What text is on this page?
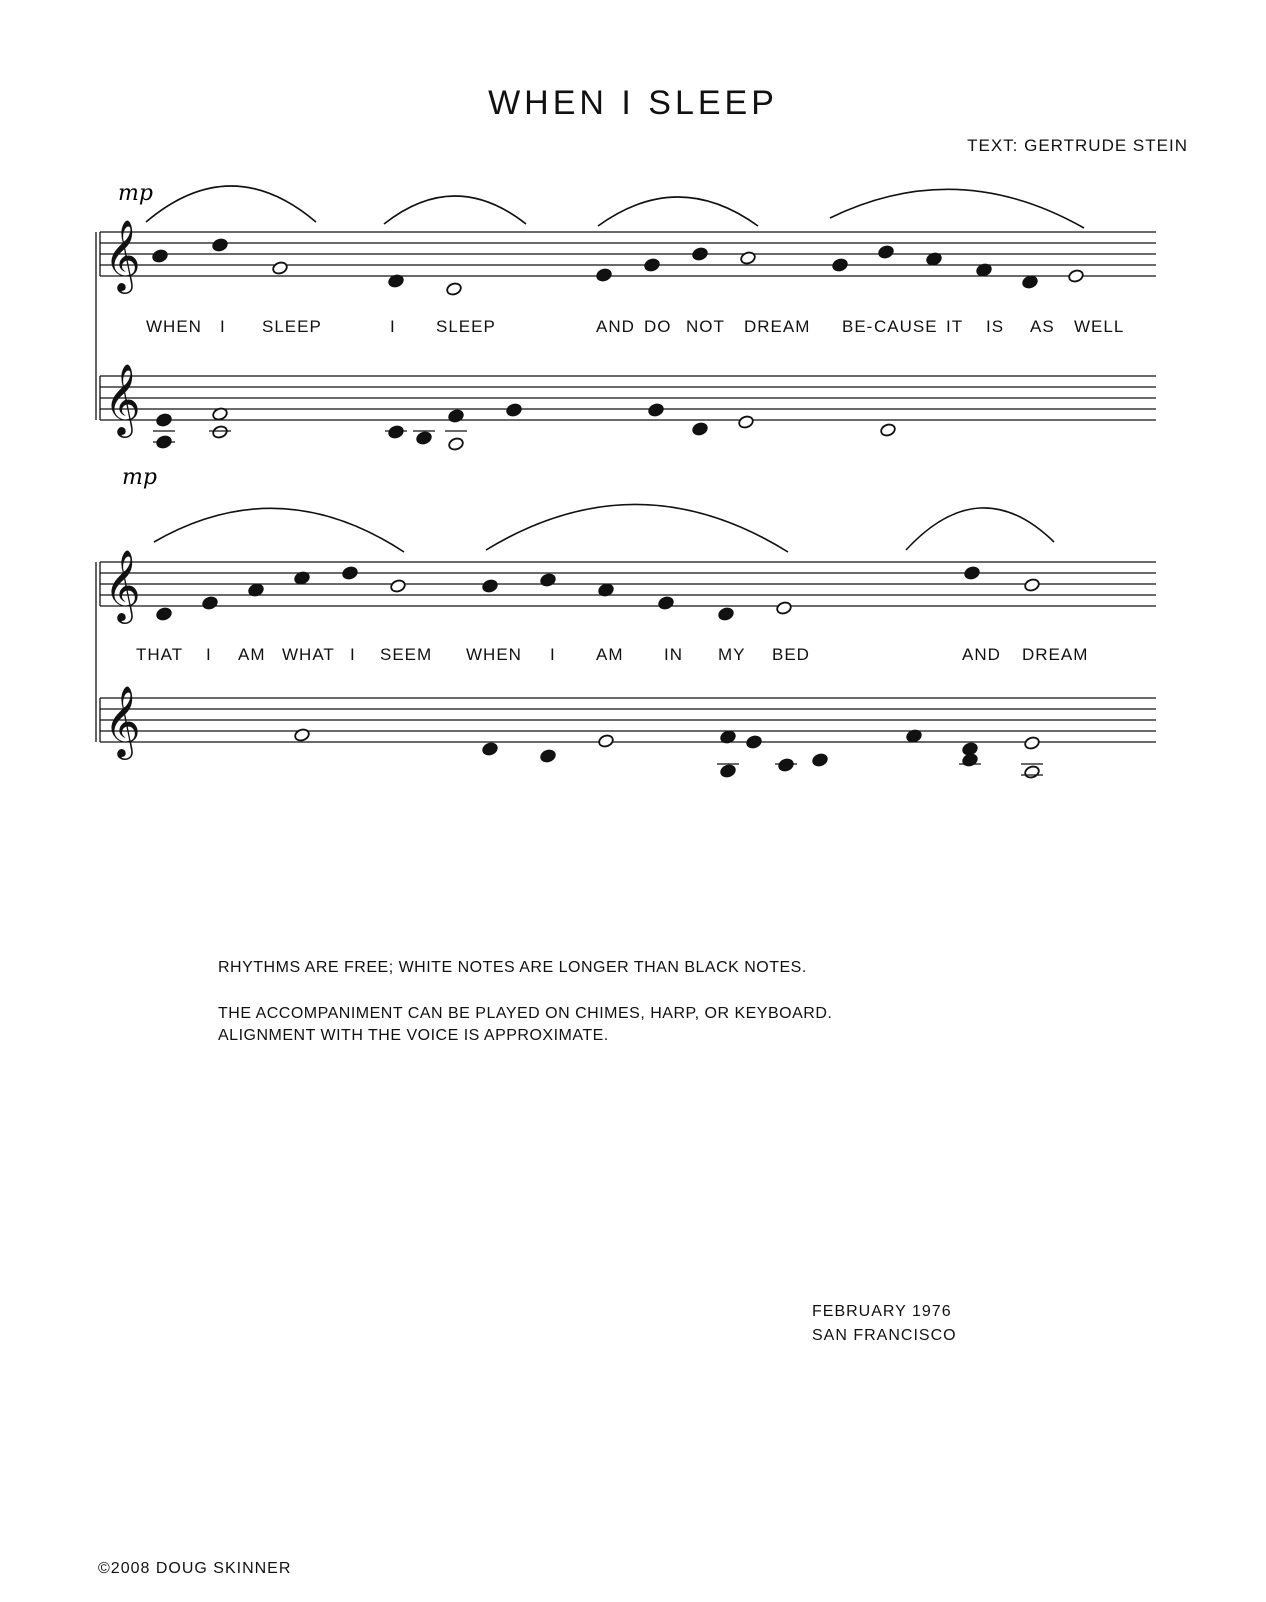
WHEN I SLEEP
TEXT: GERTRUDE STEIN
𝄞
𝄞
𝄞
𝄞
mp
mp
WHEN I SLEEP	I SLEEP	AND DO NOT DREAM BE- CAUSE IT IS AS WELL
THAT I AM WHAT I SEEM WHEN I AM IN MY BED	AND DREAM
RHYTHMS ARE FREE; WHITE NOTES ARE LONGER THAN BLACK NOTES.
THE ACCOMPANIMENT CAN BE PLAYED ON CHIMES, HARP, OR KEYBOARD.
ALIGNMENT WITH THE VOICE IS APPROXIMATE.
FEBRUARY 1976
SAN FRANCISCO
©2008 DOUG SKINNER
